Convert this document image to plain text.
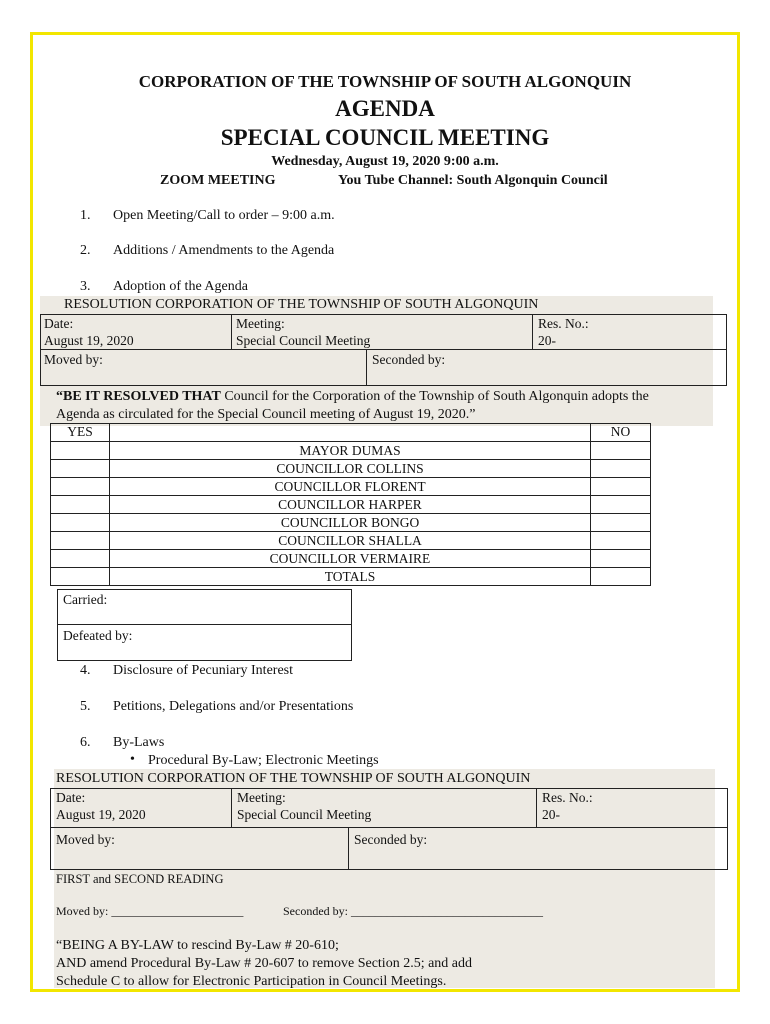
CORPORATION OF THE TOWNSHIP OF SOUTH ALGONQUIN
AGENDA
SPECIAL COUNCIL MEETING
Wednesday, August 19, 2020 9:00 a.m.
ZOOM MEETING	You Tube Channel: South Algonquin Council
1. Open Meeting/Call to order – 9:00 a.m.
2. Additions / Amendments to the Agenda
3. Adoption of the Agenda
RESOLUTION CORPORATION OF THE TOWNSHIP OF SOUTH ALGONQUIN
Date:
August 19, 2020
Meeting:
Special Council Meeting
Res. No.:
20-
Moved by:	Seconded by:
“BE IT RESOLVED THAT Council for the Corporation of the Township of South Algonquin adopts the
Agenda as circulated for the Special Council meeting of August 19, 2020.”
YES		NO
	MAYOR DUMAS	
	COUNCILLOR COLLINS	
	COUNCILLOR FLORENT	
	COUNCILLOR HARPER	
	COUNCILLOR BONGO	
	COUNCILLOR SHALLA	
	COUNCILLOR VERMAIRE	
	TOTALS	
Carried:
Defeated by:
4. Disclosure of Pecuniary Interest
5. Petitions, Delegations and/or Presentations
6. By-Laws
• Procedural By-Law; Electronic Meetings
RESOLUTION CORPORATION OF THE TOWNSHIP OF SOUTH ALGONQUIN
Date:
August 19, 2020
Meeting:
Special Council Meeting
Res. No.:
20-
Moved by:	Seconded by:
FIRST and SECOND READING
Moved by: ______________________	Seconded by: ________________________________
“BEING A BY-LAW to rescind By-Law # 20-610;
AND amend Procedural By-Law # 20-607 to remove Section 2.5; and add
Schedule C to allow for Electronic Participation in Council Meetings.
